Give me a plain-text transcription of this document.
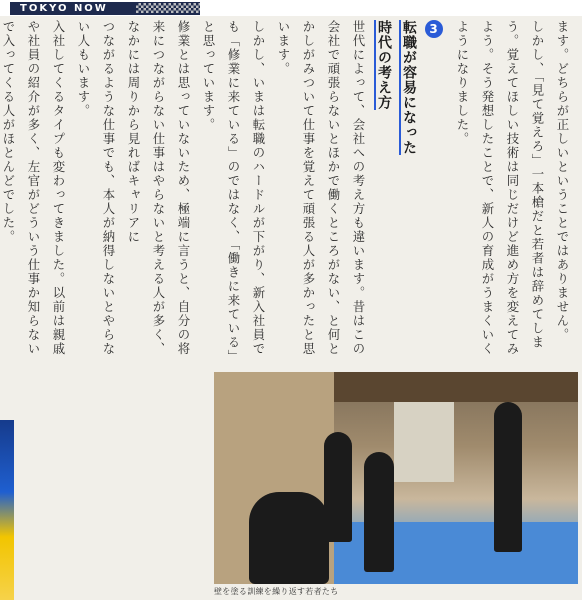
TOKYO NOW

ます。どちらが正しいということではありません。

しかし、「見て覚えろ」一本槍だと若者は辞めてしまう。覚えてほしい技術は同じだけど進め方を変えてみよう。そう発想したことで、新人の育成がうまくいくようになりました。

3
転職が容易になった
時代の考え方

世代によって、会社への考え方も違います。昔はこの会社で頑張らないとほかで働くところがない、と何とかしがみついて仕事を覚えて頑張る人が多かったと思います。

しかし、いまは転職のハードルが下がり、新入社員でも「修業に来ている」のではなく、「働きに来ている」と思っています。

修業とは思っていないため、極端に言うと、自分の将来につながらない仕事はやらないと考える人が多く、なかには周りから見ればキャリアに

つながるような仕事でも、本人が納得しないとやらない人もいます。

入社してくるタイプも変わってきました。以前は親戚や社員の紹介が多く、左官がどういう仕事か知らないで入ってくる人がほとんどでした。

壁を塗る訓練を繰り返す若者たち
